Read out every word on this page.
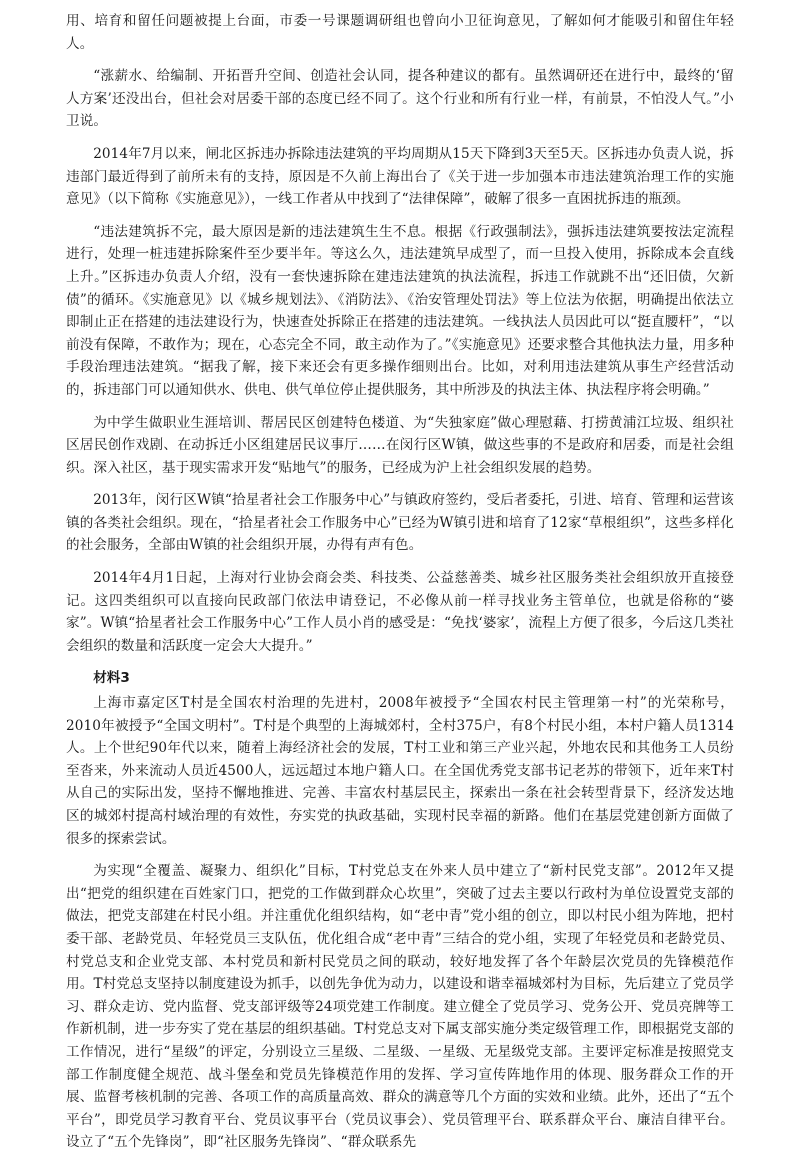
用、培育和留任问题被提上台面，市委一号课题调研组也曾向小卫征询意见，了解如何才能吸引和留住年轻人。

“涨薪水、给编制、开拓晋升空间、创造社会认同，提各种建议的都有。虽然调研还在进行中，最终的‘留人方案’还没出台，但社会对居委干部的态度已经不同了。这个行业和所有行业一样，有前景，不怕没人气。”小卫说。

2014年7月以来，闸北区拆违办拆除违法建筑的平均周期从15天下降到3天至5天。区拆违办负责人说，拆违部门最近得到了前所未有的支持，原因是不久前上海出台了《关于进一步加强本市违法建筑治理工作的实施意见》（以下简称《实施意见》），一线工作者从中找到了“法律保障”，破解了很多一直困扰拆违的瓶颈。

“违法建筑拆不完，最大原因是新的违法建筑生生不息。根据《行政强制法》，强拆违法建筑要按法定流程进行，处理一桩违建拆除案件至少要半年。等这么久，违法建筑早成型了，而一旦投入使用，拆除成本会直线上升。”区拆违办负责人介绍，没有一套快速拆除在建违法建筑的执法流程，拆违工作就跳不出“还旧债，欠新债”的循环。《实施意见》以《城乡规划法》、《消防法》、《治安管理处罚法》等上位法为依据，明确提出依法立即制止正在搭建的违法建设行为，快速查处拆除正在搭建的违法建筑。一线执法人员因此可以“挺直腰杆”，“以前没有保障，不敢作为；现在，心态完全不同，敢主动作为了。”《实施意见》还要求整合其他执法力量，用多种手段治理违法建筑。“据我了解，接下来还会有更多操作细则出台。比如，对利用违法建筑从事生产经营活动的，拆违部门可以通知供水、供电、供气单位停止提供服务，其中所涉及的执法主体、执法程序将会明确。”

为中学生做职业生涯培训、帮居民区创建特色楼道、为“失独家庭”做心理慰藉、打捞黄浦江垃圾、组织社区居民创作戏剧、在动拆迁小区组建居民议事厅……在闵行区W镇，做这些事的不是政府和居委，而是社会组织。深入社区，基于现实需求开发“贴地气”的服务，已经成为沪上社会组织发展的趋势。

2013年，闵行区W镇“拾星者社会工作服务中心”与镇政府签约，受后者委托，引进、培育、管理和运营该镇的各类社会组织。现在，“拾星者社会工作服务中心”已经为W镇引进和培育了12家“草根组织”，这些多样化的社会服务，全部由W镇的社会组织开展，办得有声有色。

2014年4月1日起，上海对行业协会商会类、科技类、公益慈善类、城乡社区服务类社会组织放开直接登记。这四类组织可以直接向民政部门依法申请登记，不必像从前一样寻找业务主管单位，也就是俗称的“婆家”。W镇“拾星者社会工作服务中心”工作人员小肖的感受是：“免找‘婆家’，流程上方便了很多，今后这几类社会组织的数量和活跃度一定会大大提升。”

材料3

上海市嘉定区T村是全国农村治理的先进村，2008年被授予“全国农村民主管理第一村”的光荣称号，2010年被授予“全国文明村”。T村是个典型的上海城郊村，全村375户，有8个村民小组，本村户籍人员1314人。上个世纪90年代以来，随着上海经济社会的发展，T村工业和第三产业兴起，外地农民和其他务工人员纷至沓来，外来流动人员近4500人，远远超过本地户籍人口。在全国优秀党支部书记老苏的带领下，近年来T村从自己的实际出发，坚持不懈地推进、完善、丰富农村基层民主，探索出一条在社会转型背景下，经济发达地区的城郊村提高村域治理的有效性，夯实党的执政基础，实现村民幸福的新路。他们在基层党建创新方面做了很多的探索尝试。

为实现“全覆盖、凝聚力、组织化”目标，T村党总支在外来人员中建立了“新村民党支部”。2012年又提出“把党的组织建在百姓家门口，把党的工作做到群众心坎里”，突破了过去主要以行政村为单位设置党支部的做法，把党支部建在村民小组。并注重优化组织结构，如“老中青”党小组的创立，即以村民小组为阵地，把村委干部、老龄党员、年轻党员三支队伍，优化组合成“老中青”三结合的党小组，实现了年轻党员和老龄党员、村党总支和企业党支部、本村党员和新村民党员之间的联动，较好地发挥了各个年龄层次党员的先锋模范作用。T村党总支坚持以制度建设为抓手，以创先争优为动力，以建设和谐幸福城郊村为目标，先后建立了党员学习、群众走访、党内监督、党支部评级等24项党建工作制度。建立健全了党员学习、党务公开、党员亮牌等工作新机制，进一步夯实了党在基层的组织基础。T村党总支对下属支部实施分类定级管理工作，即根据党支部的工作情况，进行“星级”的评定，分别设立三星级、二星级、一星级、无星级党支部。主要评定标准是按照党支部工作制度健全规范、战斗堡垒和党员先锋模范作用的发挥、学习宣传阵地作用的体现、服务群众工作的开展、监督考核机制的完善、各项工作的高质量高效、群众的满意等几个方面的实效和业绩。此外，还出了“五个平台”，即党员学习教育平台、党员议事平台（党员议事会）、党员管理平台、联系群众平台、廉洁自律平台。设立了“五个先锋岗”，即“社区服务先锋岗”、“群众联系先
